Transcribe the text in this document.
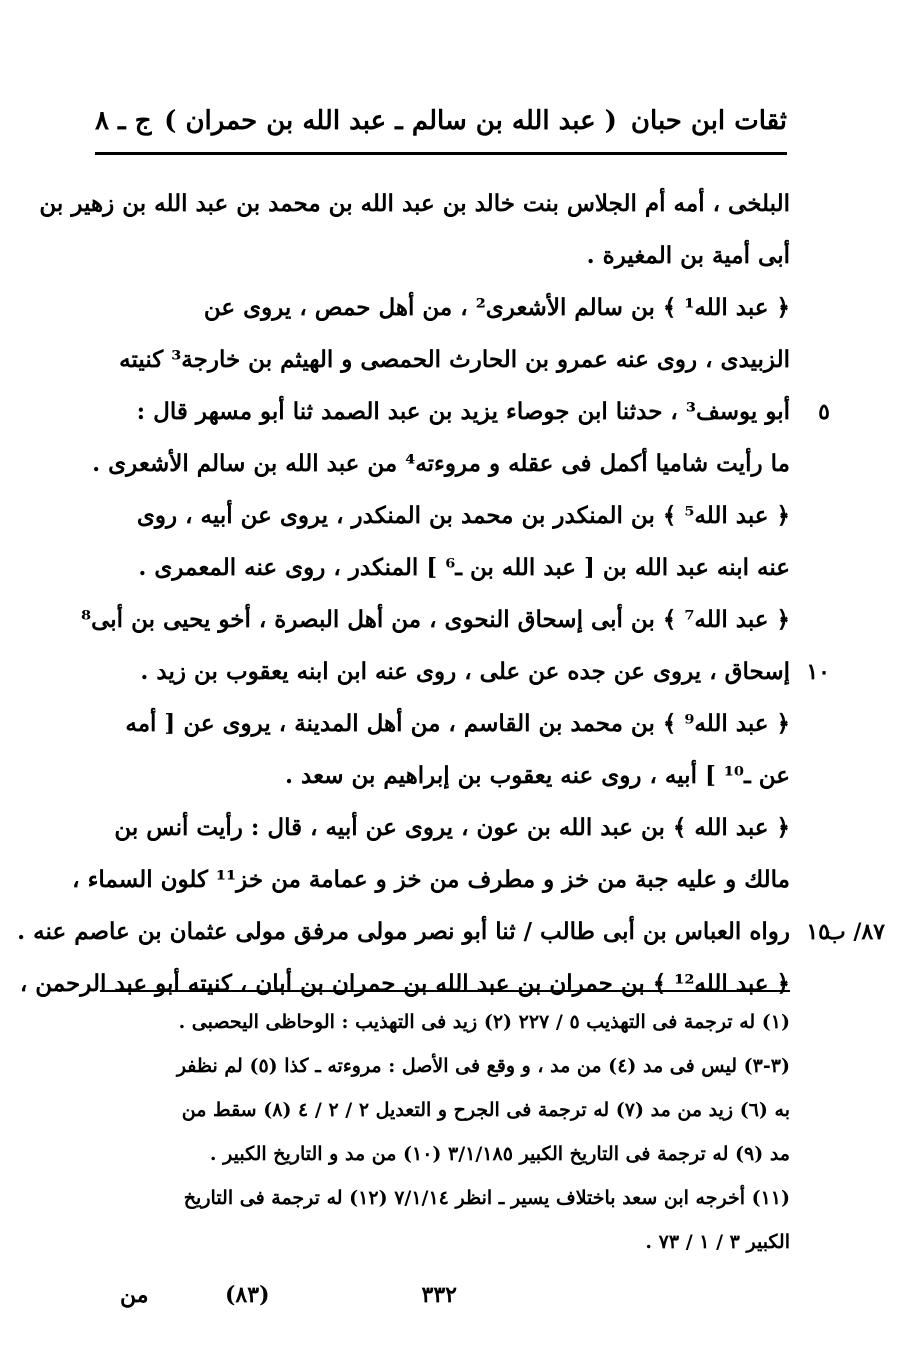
ثقات ابن حبان
( عبد الله بن سالم ـ عبد الله بن حمران )
ج ـ ٨
البلخى ، أمه أم الجلاس بنت خالد بن عبد الله بن محمد بن عبد الله بن زهير بن
أبى أمية بن المغيرة .
﴿ عبد الله¹ ﴾ بن سالم الأشعرى² ، من أهل حمص ، يروى عن
الزبيدى ، روى عنه عمرو بن الحارث الحمصى و الهيثم بن خارجة³ كنيته
أبو يوسف³ ، حدثنا ابن جوصاء يزيد بن عبد الصمد ثنا أبو مسهر قال : ٥
ما رأيت شاميا أكمل فى عقله و مروءته⁴ من عبد الله بن سالم الأشعرى .
﴿ عبد الله⁵ ﴾ بن المنكدر بن محمد بن المنكدر ، يروى عن أبيه ، روى
عنه ابنه عبد الله بن [ عبد الله بن ـ⁶ ] المنكدر ، روى عنه المعمرى .
﴿ عبد الله⁷ ﴾ بن أبى إسحاق النحوى ، من أهل البصرة ، أخو يحيى بن أبى⁸
إسحاق ، يروى عن جده عن على ، روى عنه ابن ابنه يعقوب بن زيد . ١٠
﴿ عبد الله⁹ ﴾ بن محمد بن القاسم ، من أهل المدينة ، يروى عن [ أمه
عن ـ¹⁰ ] أبيه ، روى عنه يعقوب بن إبراهيم بن سعد .
﴿ عبد الله ﴾ بن عبد الله بن عون ، يروى عن أبيه ، قال : رأيت أنس بن
مالك و عليه جبة من خز و مطرف من خز و عمامة من خز¹¹ كلون السماء ،
رواه العباس بن أبى طالب / ثنا أبو نصر مولى مرفق مولى عثمان بن عاصم عنه . ١٥
٨٧/ ب
﴿ عبد الله¹² ﴾ بن حمران بن عبد الله بن حمران بن أبان ، كنيته أبو عبد الرحمن ،
(١) له ترجمة فى التهذيب ٥ / ٢٢٧ (٢) زيد فى التهذيب : الوحاظى اليحصبى .
(٣-٣) ليس فى مد (٤) من مد ، و وقع فى الأصل : مروءته ـ كذا (٥) لم نظفر
به (٦) زيد من مد (٧) له ترجمة فى الجرح و التعديل ٢ / ٢ / ٤ (٨) سقط من
مد (٩) له ترجمة فى التاريخ الكبير ٣/١/١٨٥ (١٠) من مد و التاريخ الكبير .
(١١) أخرجه ابن سعد باختلاف يسير ـ انظر ٧/١/١٤ (١٢) له ترجمة فى التاريخ
الكبير ٣ / ١ / ٧٣ .
٣٣٢
(٨٣)
من
